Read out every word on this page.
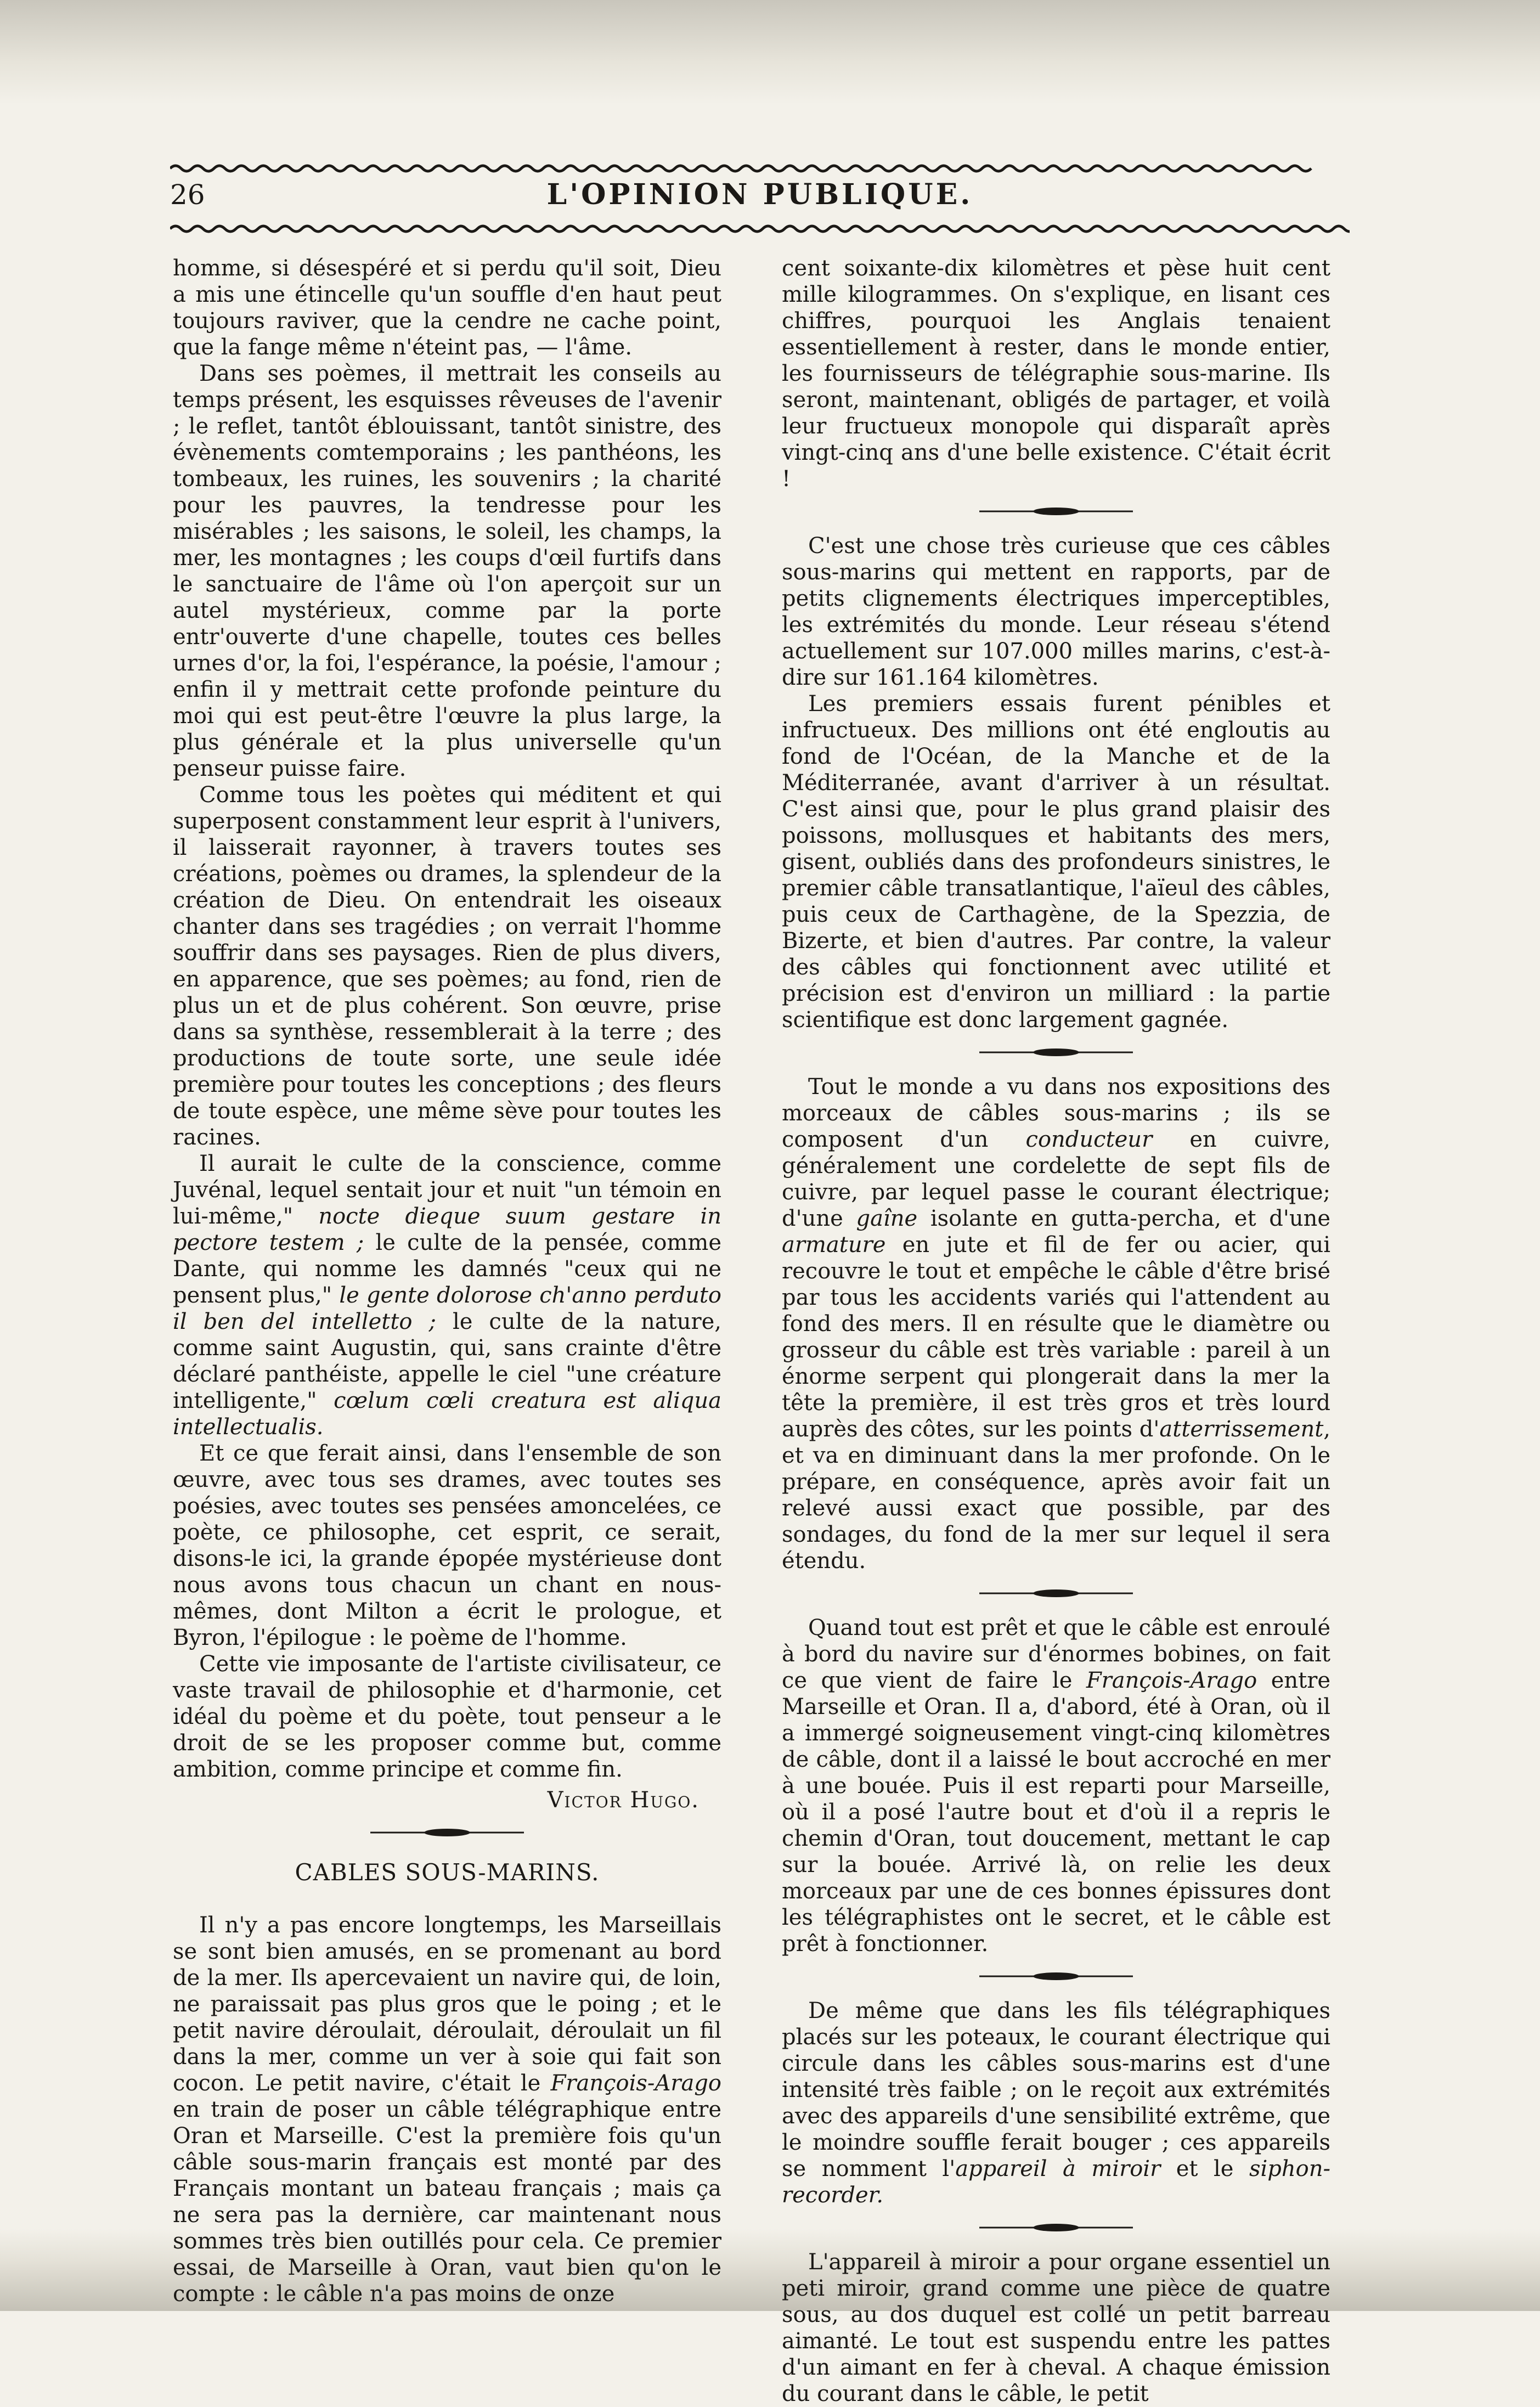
26	L'OPINION PUBLIQUE.

homme, si désespéré et si perdu qu'il soit, Dieu a mis une étincelle qu'un souffle d'en haut peut toujours raviver, que la cendre ne cache point, que la fange même n'éteint pas, — l'âme.

Dans ses poèmes, il mettrait les conseils au temps présent, les esquisses rêveuses de l'avenir ; le reflet, tantôt éblouissant, tantôt sinistre, des évènements comtemporains ; les panthéons, les tombeaux, les ruines, les souvenirs ; la charité pour les pauvres, la tendresse pour les misérables ; les saisons, le soleil, les champs, la mer, les montagnes ; les coups d'œil furtifs dans le sanctuaire de l'âme où l'on aperçoit sur un autel mystérieux, comme par la porte entr'ouverte d'une chapelle, toutes ces belles urnes d'or, la foi, l'espérance, la poésie, l'amour ; enfin il y mettrait cette profonde peinture du moi qui est peut-être l'œuvre la plus large, la plus générale et la plus universelle qu'un penseur puisse faire.

Comme tous les poètes qui méditent et qui superposent constamment leur esprit à l'univers, il laisserait rayonner, à travers toutes ses créations, poèmes ou drames, la splendeur de la création de Dieu. On entendrait les oiseaux chanter dans ses tragédies ; on verrait l'homme souffrir dans ses paysages. Rien de plus divers, en apparence, que ses poèmes; au fond, rien de plus un et de plus cohérent. Son œuvre, prise dans sa synthèse, ressemblerait à la terre ; des productions de toute sorte, une seule idée première pour toutes les conceptions ; des fleurs de toute espèce, une même sève pour toutes les racines.

Il aurait le culte de la conscience, comme Juvénal, lequel sentait jour et nuit "un témoin en lui-même," nocte dieque suum gestare in pectore testem ; le culte de la pensée, comme Dante, qui nomme les damnés "ceux qui ne pensent plus," le gente dolorose ch'anno perduto il ben del intelletto ; le culte de la nature, comme saint Augustin, qui, sans crainte d'être déclaré panthéiste, appelle le ciel "une créature intelligente," cœlum cœli creatura est aliqua intellectualis.

Et ce que ferait ainsi, dans l'ensemble de son œuvre, avec tous ses drames, avec toutes ses poésies, avec toutes ses pensées amoncelées, ce poète, ce philosophe, cet esprit, ce serait, disons-le ici, la grande épopée mystérieuse dont nous avons tous chacun un chant en nous-mêmes, dont Milton a écrit le prologue, et Byron, l'épilogue : le poème de l'homme.

Cette vie imposante de l'artiste civilisateur, ce vaste travail de philosophie et d'harmonie, cet idéal du poème et du poète, tout penseur a le droit de se les proposer comme but, comme ambition, comme principe et comme fin.

Victor Hugo.
CABLES SOUS-MARINS.

Il n'y a pas encore longtemps, les Marseillais se sont bien amusés, en se promenant au bord de la mer. Ils apercevaient un navire qui, de loin, ne paraissait pas plus gros que le poing ; et le petit navire déroulait, déroulait, déroulait un fil dans la mer, comme un ver à soie qui fait son cocon. Le petit navire, c'était le François-Arago en train de poser un câble télégraphique entre Oran et Marseille. C'est la première fois qu'un câble sous-marin français est monté par des Français montant un bateau français ; mais ça ne sera pas la dernière, car maintenant nous sommes très bien outillés pour cela. Ce premier essai, de Marseille à Oran, vaut bien qu'on le compte : le câble n'a pas moins de onze

cent soixante-dix kilomètres et pèse huit cent mille kilogrammes. On s'explique, en lisant ces chiffres, pourquoi les Anglais tenaient essentiellement à rester, dans le monde entier, les fournisseurs de télégraphie sous-marine. Ils seront, maintenant, obligés de partager, et voilà leur fructueux monopole qui disparaît après vingt-cinq ans d'une belle existence. C'était écrit !

C'est une chose très curieuse que ces câbles sous-marins qui mettent en rapports, par de petits clignements électriques imperceptibles, les extrémités du monde. Leur réseau s'étend actuellement sur 107.000 milles marins, c'est-à-dire sur 161.164 kilomètres.

Les premiers essais furent pénibles et infructueux. Des millions ont été engloutis au fond de l'Océan, de la Manche et de la Méditerranée, avant d'arriver à un résultat. C'est ainsi que, pour le plus grand plaisir des poissons, mollusques et habitants des mers, gisent, oubliés dans des profondeurs sinistres, le premier câble transatlantique, l'aïeul des câbles, puis ceux de Carthagène, de la Spezzia, de Bizerte, et bien d'autres. Par contre, la valeur des câbles qui fonctionnent avec utilité et précision est d'environ un milliard : la partie scientifique est donc largement gagnée.

Tout le monde a vu dans nos expositions des morceaux de câbles sous-marins ; ils se composent d'un conducteur en cuivre, généralement une cordelette de sept fils de cuivre, par lequel passe le courant électrique; d'une gaîne isolante en gutta-percha, et d'une armature en jute et fil de fer ou acier, qui recouvre le tout et empêche le câble d'être brisé par tous les accidents variés qui l'attendent au fond des mers. Il en résulte que le diamètre ou grosseur du câble est très variable : pareil à un énorme serpent qui plongerait dans la mer la tête la première, il est très gros et très lourd auprès des côtes, sur les points d'atterrissement, et va en diminuant dans la mer profonde. On le prépare, en conséquence, après avoir fait un relevé aussi exact que possible, par des sondages, du fond de la mer sur lequel il sera étendu.

Quand tout est prêt et que le câble est enroulé à bord du navire sur d'énormes bobines, on fait ce que vient de faire le François-Arago entre Marseille et Oran. Il a, d'abord, été à Oran, où il a immergé soigneusement vingt-cinq kilomètres de câble, dont il a laissé le bout accroché en mer à une bouée. Puis il est reparti pour Marseille, où il a posé l'autre bout et d'où il a repris le chemin d'Oran, tout doucement, mettant le cap sur la bouée. Arrivé là, on relie les deux morceaux par une de ces bonnes épissures dont les télégraphistes ont le secret, et le câble est prêt à fonctionner.

De même que dans les fils télégraphiques placés sur les poteaux, le courant électrique qui circule dans les câbles sous-marins est d'une intensité très faible ; on le reçoit aux extrémités avec des appareils d'une sensibilité extrême, que le moindre souffle ferait bouger ; ces appareils se nomment l'appareil à miroir et le siphon-recorder.

L'appareil à miroir a pour organe essentiel un peti miroir, grand comme une pièce de quatre sous, au dos duquel est collé un petit barreau aimanté. Le tout est suspendu entre les pattes d'un aimant en fer à cheval. A chaque émission du courant dans le câble, le petit
